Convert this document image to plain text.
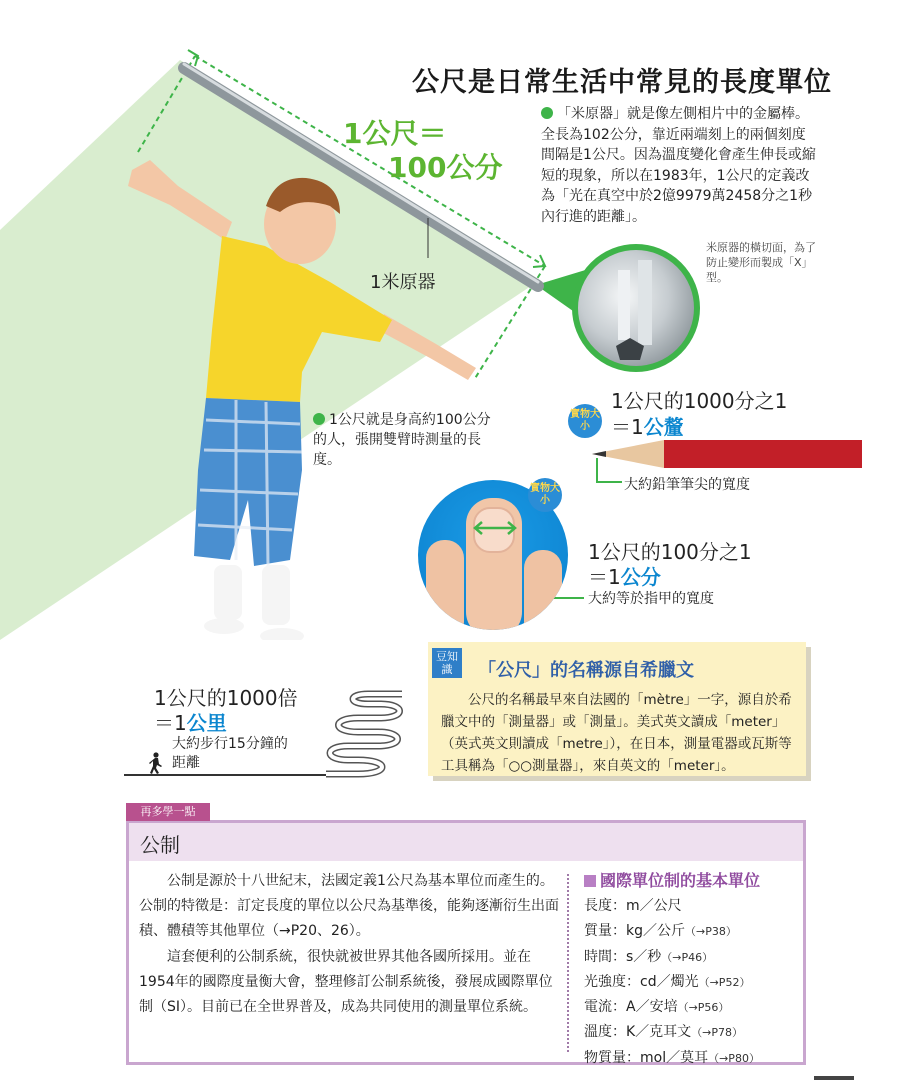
公尺是日常生活中常見的長度單位
1公尺＝
100公分
「米原器」就是像左側相片中的金屬棒。全長為102公分，靠近兩端刻上的兩個刻度間隔是1公尺。因為溫度變化會產生伸長或縮短的現象，所以在1983年，1公尺的定義改為「光在真空中於2億9979萬2458分之1秒內行進的距離」。
1米原器
米原器的橫切面，為了防止變形而製成「X」型。
1公尺就是身高約100公分的人，張開雙臂時測量的長度。
實物大小
1公尺的1000分之1
＝1公釐
大約鉛筆筆尖的寬度
實物大小
1公尺的100分之1
＝1公分
大約等於指甲的寬度
1公尺的1000倍
＝1公里
大約步行15分鐘的距離
豆知識	「公尺」的名稱源自希臘文
公尺的名稱最早來自法國的「mètre」一字，源自於希臘文中的「測量器」或「測量」。美式英文讀成「meter」（英式英文則讀成「metre」），在日本，測量電器或瓦斯等工具稱為「○○測量器」，來自英文的「meter」。
再多學一點
公制

公制是源於十八世紀末，法國定義1公尺為基本單位而產生的。公制的特徵是：訂定長度的單位以公尺為基準後，能夠逐漸衍生出面積、體積等其他單位（→P20、26）。

這套便利的公制系統，很快就被世界其他各國所採用。並在1954年的國際度量衡大會，整理修訂公制系統後，發展成國際單位制（SI）。目前已在全世界普及，成為共同使用的測量單位系統。

國際單位制的基本單位
長度：m／公尺
質量：kg／公斤（→P38）
時間：s／秒（→P46）
光強度：cd／燭光（→P52）
電流：A／安培（→P56）
溫度：K／克耳文（→P78）
物質量：mol／莫耳（→P80）
